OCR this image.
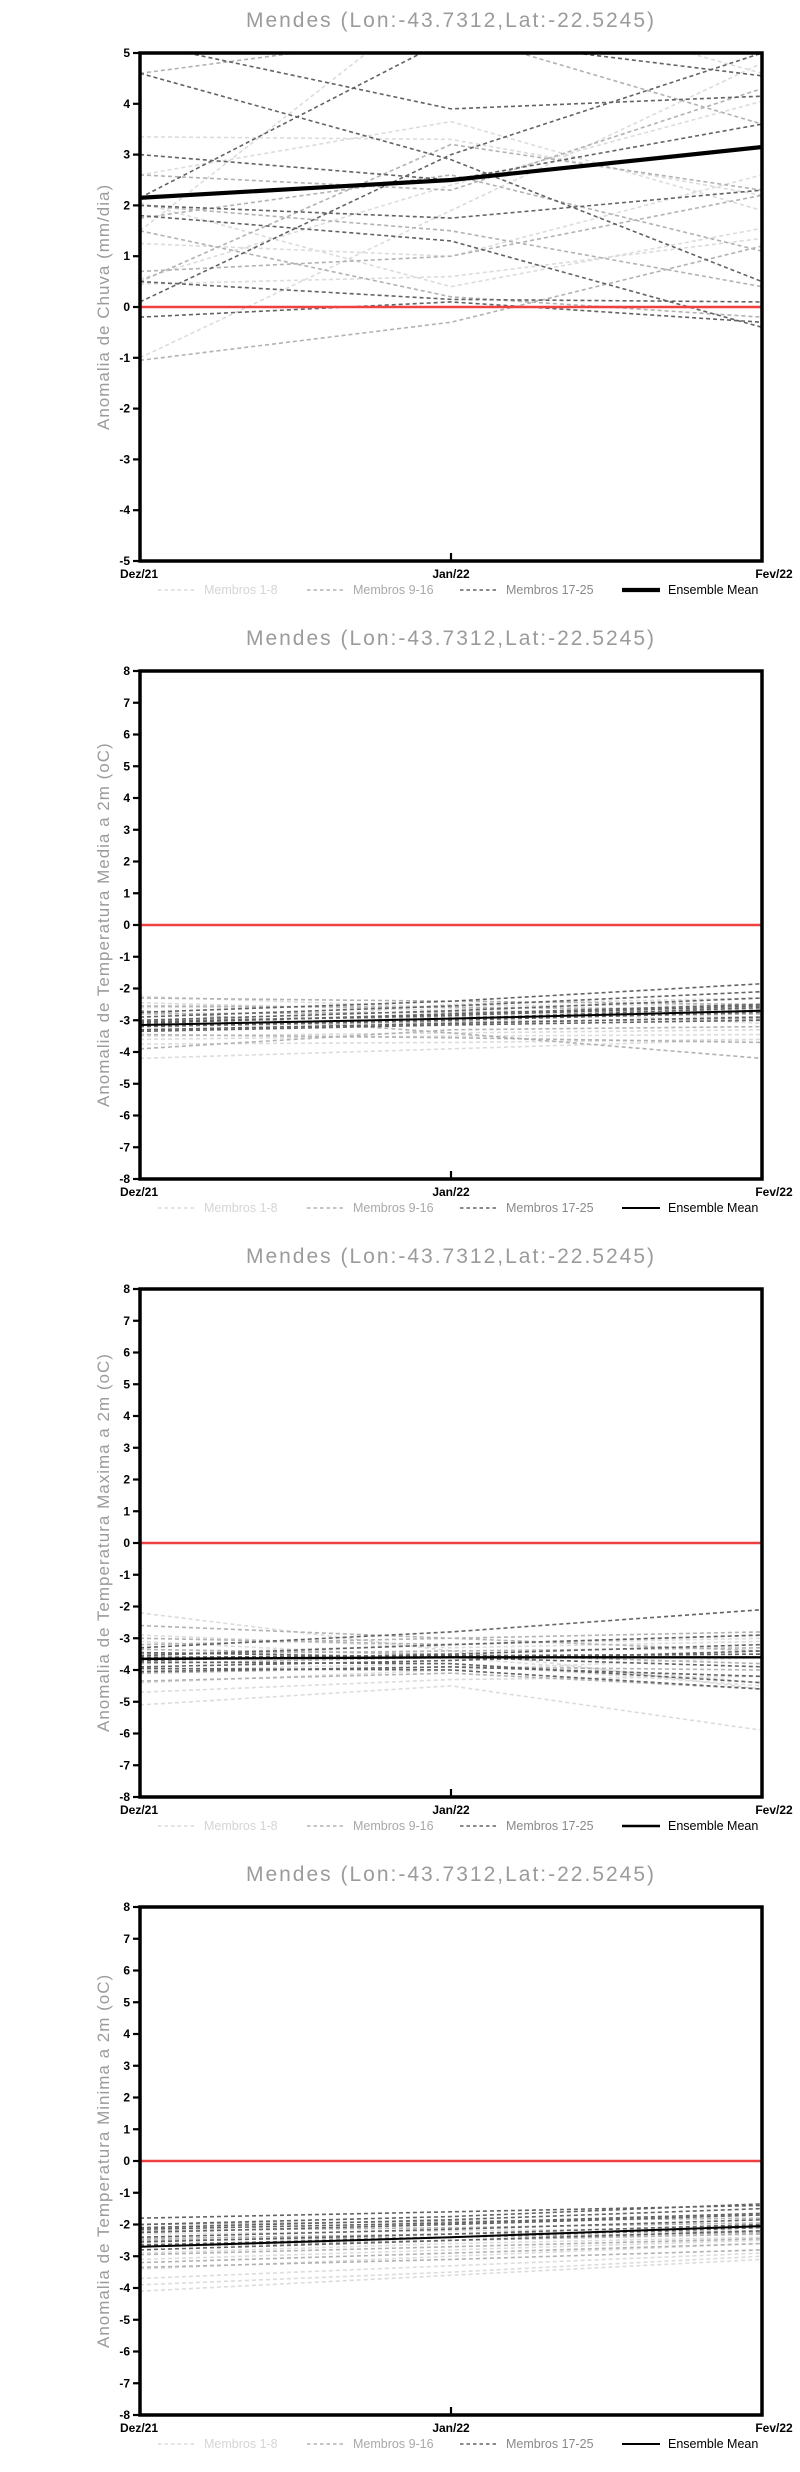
Mendes (Lon:-43.7312,Lat:-22.5245)
Anomalia de Chuva (mm/dia)
-5
-4
-3
-2
-1
0
1
2
3
4
5
Dez/21	Jan/22	Fev/22
Membros 1-8	Membros 9-16	Membros 17-25	Ensemble Mean
Mendes (Lon:-43.7312,Lat:-22.5245)
Anomalia de Temperatura Media a 2m (oC)
-8
-7
-6
-5
-4
-3
-2
-1
0
1
2
3
4
5
6
7
8
Dez/21	Jan/22	Fev/22
Membros 1-8	Membros 9-16	Membros 17-25	Ensemble Mean
Mendes (Lon:-43.7312,Lat:-22.5245)
Anomalia de Temperatura Maxima a 2m (oC)
-8
-7
-6
-5
-4
-3
-2
-1
0
1
2
3
4
5
6
7
8
Dez/21	Jan/22	Fev/22
Membros 1-8	Membros 9-16	Membros 17-25	Ensemble Mean
Mendes (Lon:-43.7312,Lat:-22.5245)
Anomalia de Temperatura Minima a 2m (oC)
-8
-7
-6
-5
-4
-3
-2
-1
0
1
2
3
4
5
6
7
8
Dez/21	Jan/22	Fev/22
Membros 1-8	Membros 9-16	Membros 17-25	Ensemble Mean
